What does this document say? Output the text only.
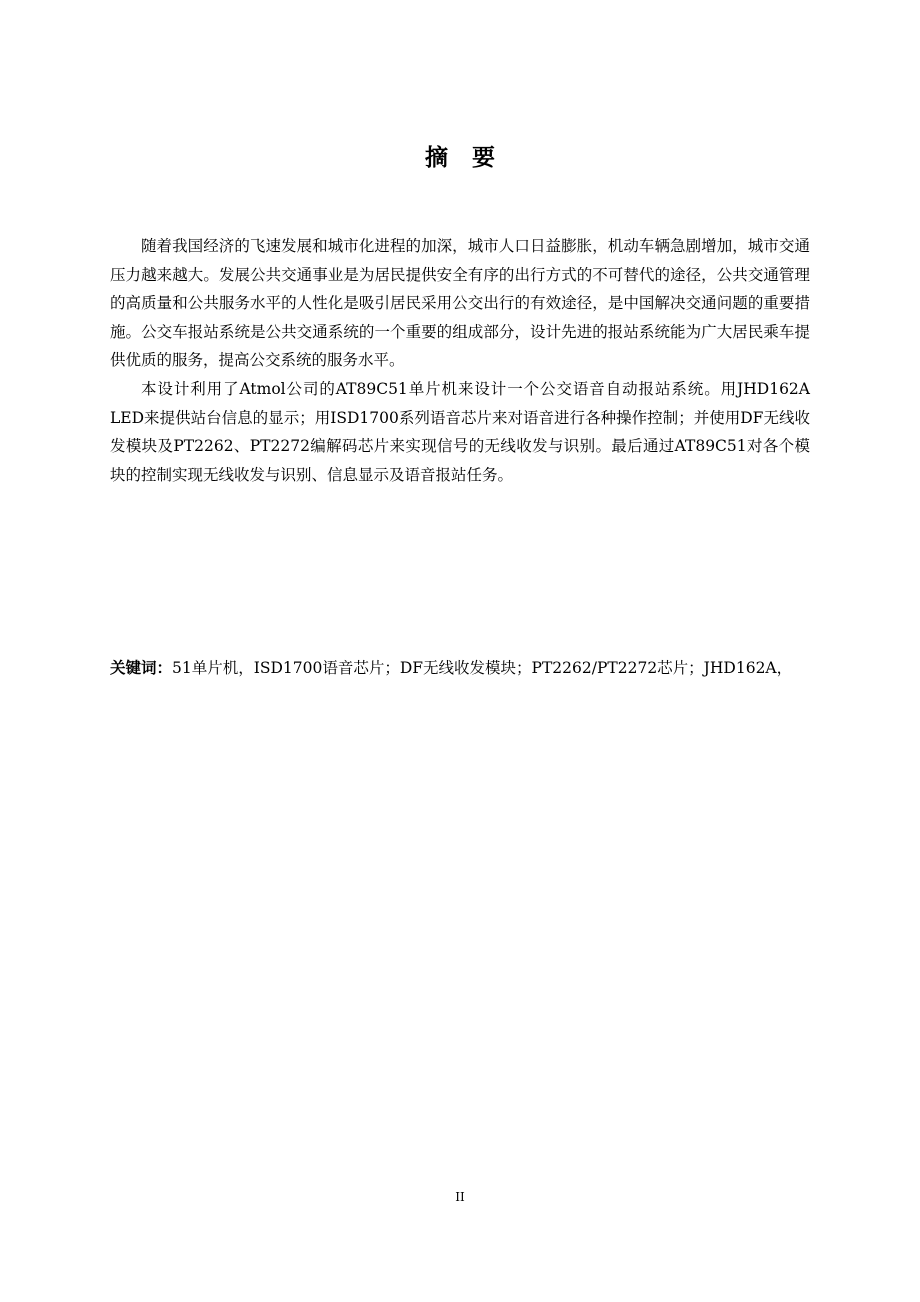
摘要

随着我国经济的飞速发展和城市化进程的加深，城市人口日益膨胀，机动车辆急剧增加，城市交通压力越来越大。发展公共交通事业是为居民提供安全有序的出行方式的不可替代的途径，公共交通管理的高质量和公共服务水平的人性化是吸引居民采用公交出行的有效途径，是中国解决交通问题的重要措施。公交车报站系统是公共交通系统的一个重要的组成部分，设计先进的报站系统能为广大居民乘车提供优质的服务，提高公交系统的服务水平。

本设计利用了Atmol公司的AT89C51单片机来设计一个公交语音自动报站系统。用JHD162A LED来提供站台信息的显示；用ISD1700系列语音芯片来对语音进行各种操作控制；并使用DF无线收发模块及PT2262、PT2272编解码芯片来实现信号的无线收发与识别。最后通过AT89C51对各个模块的控制实现无线收发与识别、信息显示及语音报站任务。

关键词：51单片机，ISD1700语音芯片；DF无线收发模块；PT2262/PT2272芯片；JHD162A，
II
